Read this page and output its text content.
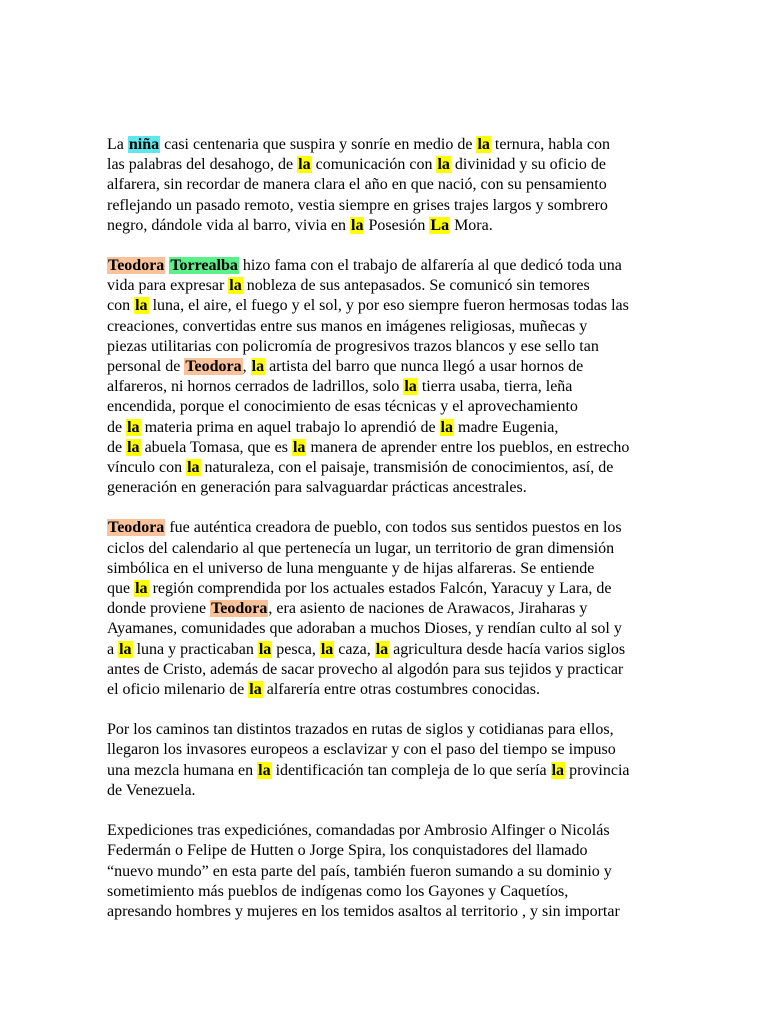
La niña casi centenaria que suspira y sonríe en medio de la ternura, habla con
las palabras del desahogo, de la comunicación con la divinidad y su oficio de
alfarera, sin recordar de manera clara el año en que nació, con su pensamiento
reflejando un pasado remoto, vestia siempre en grises trajes largos y sombrero
negro, dándole vida al barro, vivia en la Posesión La Mora.
Teodora Torrealba hizo fama con el trabajo de alfarería al que dedicó toda una
vida para expresar la nobleza de sus antepasados. Se comunicó sin temores
con la luna, el aire, el fuego y el sol, y por eso siempre fueron hermosas todas las
creaciones, convertidas entre sus manos en imágenes religiosas, muñecas y
piezas utilitarias con policromía de progresivos trazos blancos y ese sello tan
personal de Teodora, la artista del barro que nunca llegó a usar hornos de
alfareros, ni hornos cerrados de ladrillos, solo la tierra usaba, tierra, leña
encendida, porque el conocimiento de esas técnicas y el aprovechamiento
de la materia prima en aquel trabajo lo aprendió de la madre Eugenia,
de la abuela Tomasa, que es la manera de aprender entre los pueblos, en estrecho
vínculo con la naturaleza, con el paisaje, transmisión de conocimientos, así, de
generación en generación para salvaguardar prácticas ancestrales.
Teodora fue auténtica creadora de pueblo, con todos sus sentidos puestos en los
ciclos del calendario al que pertenecía un lugar, un territorio de gran dimensión
simbólica en el universo de luna menguante y de hijas alfareras. Se entiende
que la región comprendida por los actuales estados Falcón, Yaracuy y Lara, de
donde proviene Teodora, era asiento de naciones de Arawacos, Jiraharas y
Ayamanes, comunidades que adoraban a muchos Dioses, y rendían culto al sol y
a la luna y practicaban la pesca, la caza, la agricultura desde hacía varios siglos
antes de Cristo, además de sacar provecho al algodón para sus tejidos y practicar
el oficio milenario de la alfarería entre otras costumbres conocidas.
Por los caminos tan distintos trazados en rutas de siglos y cotidianas para ellos,
llegaron los invasores europeos a esclavizar y con el paso del tiempo se impuso
una mezcla humana en la identificación tan compleja de lo que sería la provincia
de Venezuela.
Expediciones tras expediciónes, comandadas por Ambrosio Alfinger o Nicolás
Federmán o Felipe de Hutten o Jorge Spira, los conquistadores del llamado
“nuevo mundo” en esta parte del país, también fueron sumando a su dominio y
sometimiento más pueblos de indígenas como los Gayones y Caquetíos,
apresando hombres y mujeres en los temidos asaltos al territorio , y sin importar
